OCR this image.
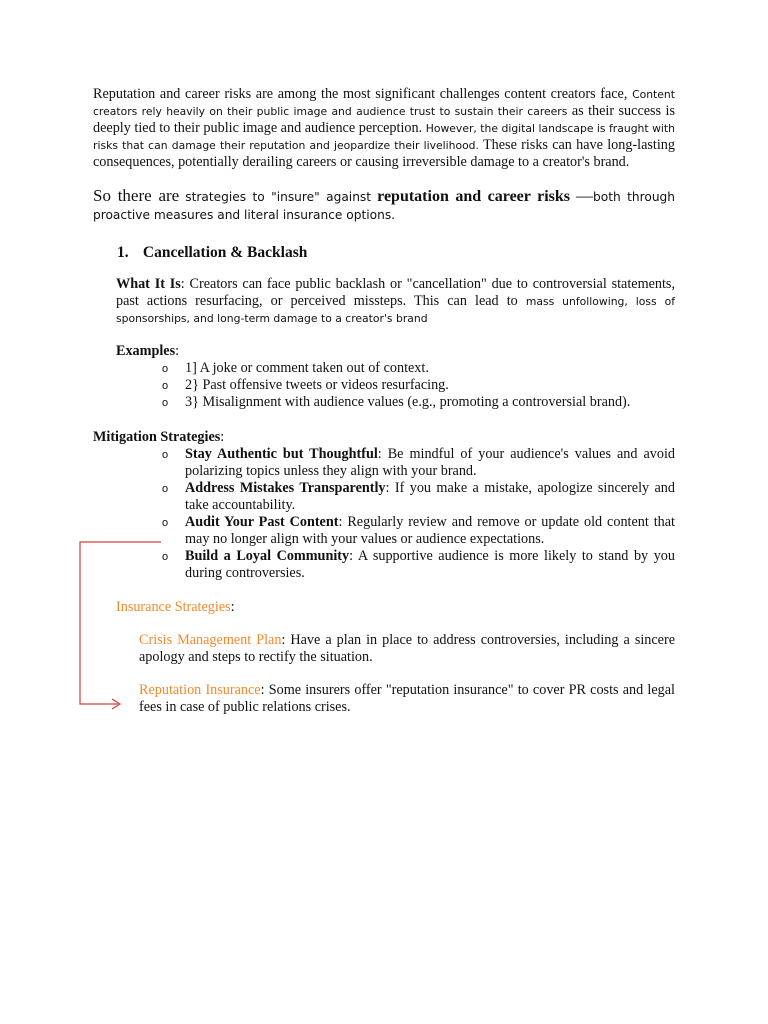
Reputation and career risks are among the most significant challenges content creators face, Content creators rely heavily on their public image and audience trust to sustain their careers as their success is deeply tied to their public image and audience perception. However, the digital landscape is fraught with risks that can damage their reputation and jeopardize their livelihood. These risks can have long-lasting consequences, potentially derailing careers or causing irreversible damage to a creator's brand.

So there are strategies to "insure" against reputation and career risks —both through proactive measures and literal insurance options.

1. Cancellation & Backlash

What It Is: Creators can face public backlash or "cancellation" due to controversial statements, past actions resurfacing, or perceived missteps. This can lead to mass unfollowing, loss of sponsorships, and long-term damage to a creator's brand

Examples:

o 1] A joke or comment taken out of context.
o 2} Past offensive tweets or videos resurfacing.
o 3} Misalignment with audience values (e.g., promoting a controversial brand).

Mitigation Strategies:

o Stay Authentic but Thoughtful: Be mindful of your audience's values and avoid polarizing topics unless they align with your brand.
o Address Mistakes Transparently: If you make a mistake, apologize sincerely and take accountability.
o Audit Your Past Content: Regularly review and remove or update old content that may no longer align with your values or audience expectations.
o Build a Loyal Community: A supportive audience is more likely to stand by you during controversies.

Insurance Strategies:

Crisis Management Plan: Have a plan in place to address controversies, including a sincere apology and steps to rectify the situation.

Reputation Insurance: Some insurers offer "reputation insurance" to cover PR costs and legal fees in case of public relations crises.
